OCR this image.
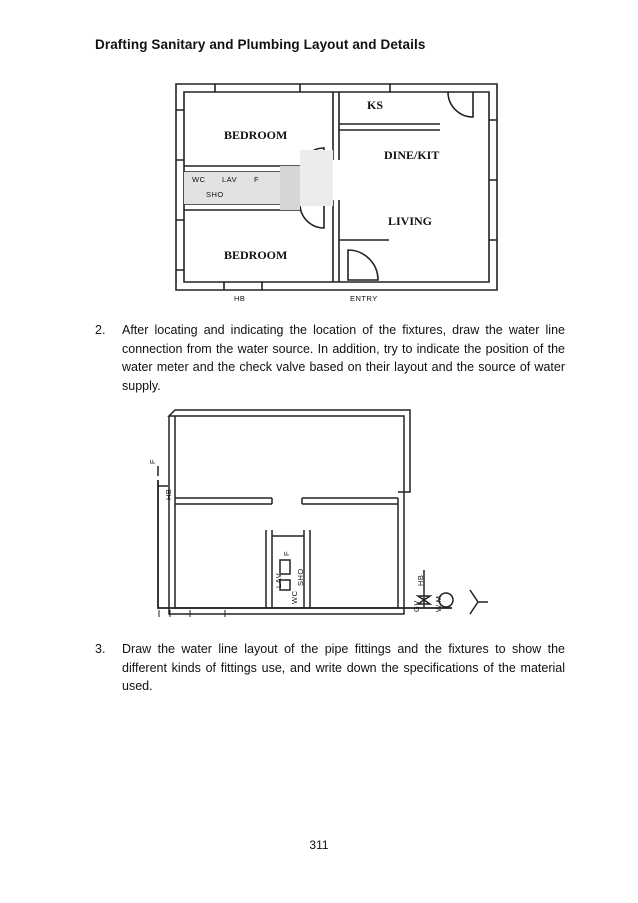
Drafting Sanitary and Plumbing Layout and Details
KS
BEDROOM
DINE/KIT
LIVING
BEDROOM
WC LAV F
SHO
HB	ENTRY
2. After locating and indicating the location of the fixtures, draw the water line connection from the water source. In addition, try to indicate the position of the water meter and the check valve based on their layout and the source of water supply.
F
HB
F
LAV
WC
SHO	HB
GV W.M
3. Draw the water line layout of the pipe fittings and the fixtures to show the different kinds of fittings use, and write down the specifications of the material used.
311
